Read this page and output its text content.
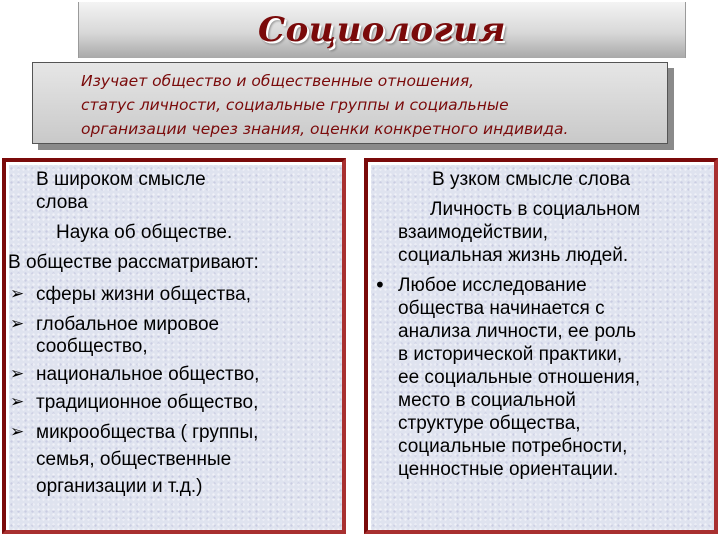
Социология
Изучает общество и общественные отношения,
статус личности, социальные группы и социальные
организации через знания, оценки конкретного индивида.
В широком смысле
слова
Наука об обществе.
В обществе рассматривают:
➢ сферы жизни общества,
➢ глобальное мировое
сообщество,
➢ национальное общество,
➢ традиционное общество,
➢ микрообщества ( группы,
семья, общественные
организации и т.д.)
В узком смысле слова
Личность в социальном
взаимодействии,
социальная жизнь людей.
• Любое исследование
общества начинается с
анализа личности, ее роль
в исторической практики,
ее социальные отношения,
место в социальной
структуре общества,
социальные потребности,
ценностные ориентации.
